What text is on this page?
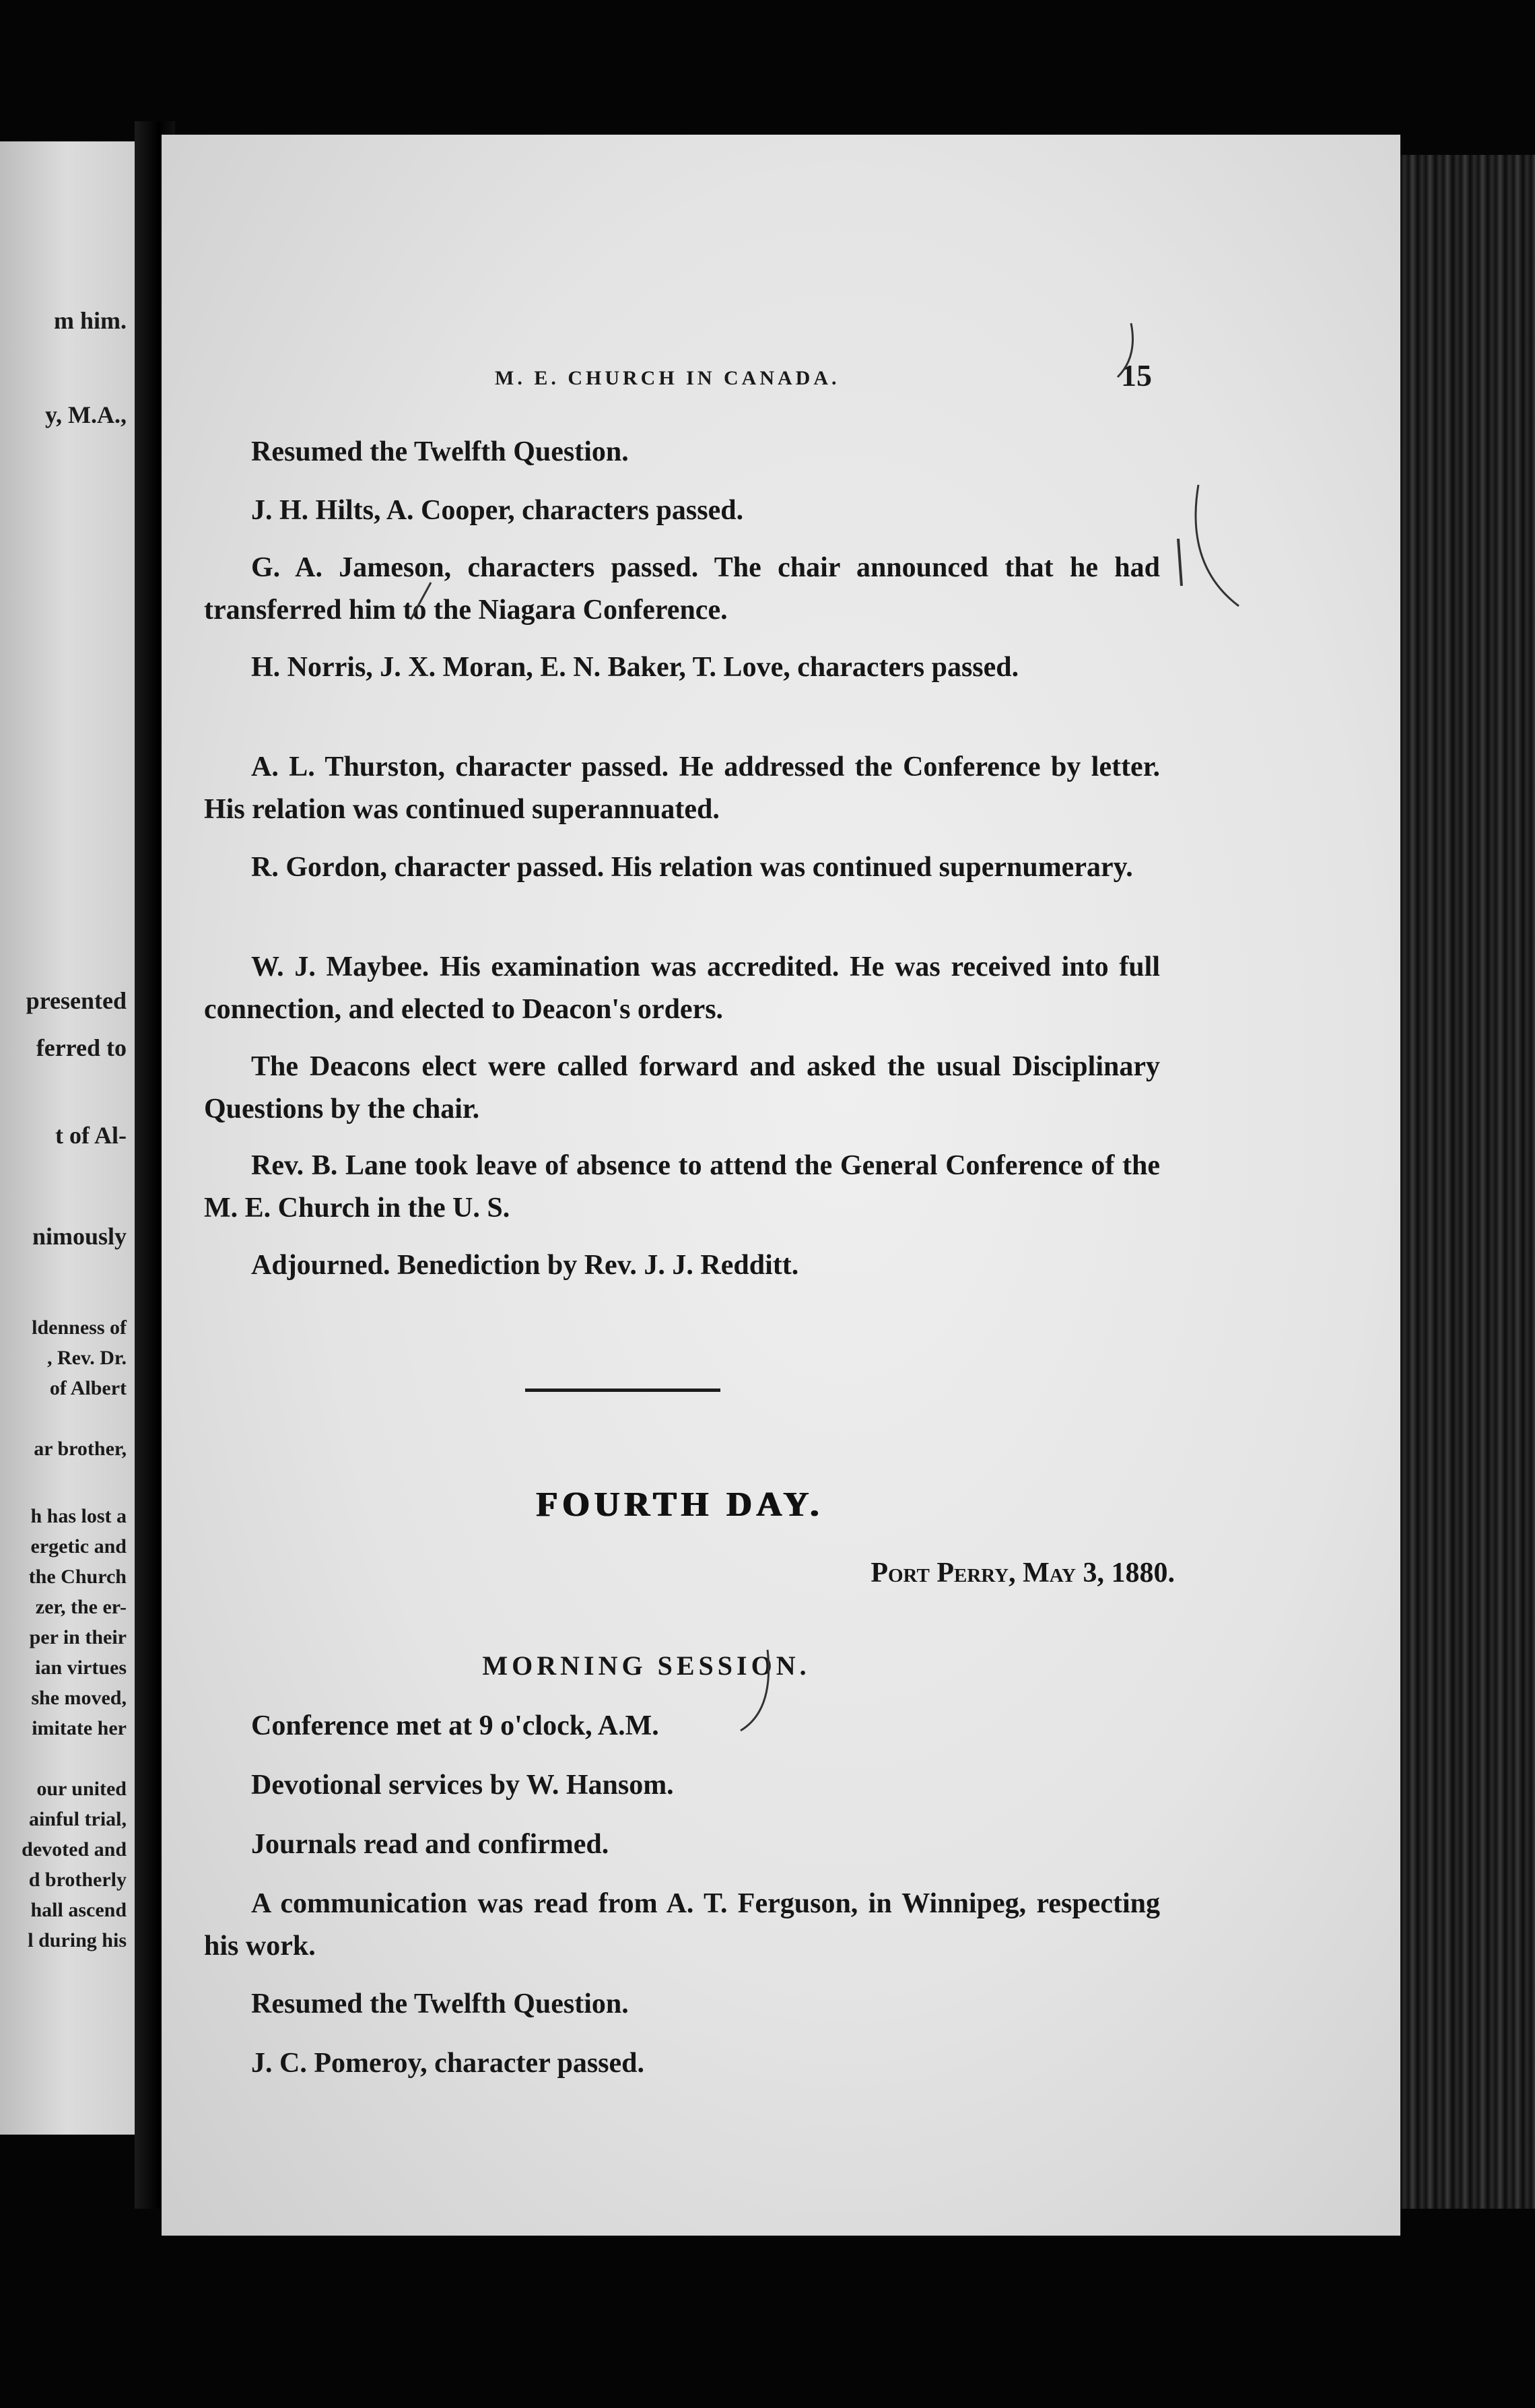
m him.
y, M.A.,
presented
ferred to
t of Al-
nimously
ldenness of
, Rev. Dr.
of Albert
ar brother,
h has lost a
ergetic and
the Church
zer, the er-
per in their
ian virtues
she moved,
imitate her
our united
ainful trial,
devoted and
d brotherly
hall ascend
l during his
M. E. CHURCH IN CANADA.	15

Resumed the Twelfth Question.

J. H. Hilts, A. Cooper, characters passed.

G. A. Jameson, characters passed. The chair announced that he had transferred him to the Niagara Conference.

H. Norris, J. X. Moran, E. N. Baker, T. Love, characters passed.

A. L. Thurston, character passed. He addressed the Conference by letter. His relation was continued superannuated.

R. Gordon, character passed. His relation was continued supernumerary.

W. J. Maybee. His examination was accredited. He was received into full connection, and elected to Deacon's orders.

The Deacons elect were called forward and asked the usual Disciplinary Questions by the chair.

Rev. B. Lane took leave of absence to attend the General Conference of the M. E. Church in the U. S.

Adjourned. Benediction by Rev. J. J. Redditt.

FOURTH DAY.
Port Perry, May 3, 1880.
MORNING SESSION.

Conference met at 9 o'clock, A.M.

Devotional services by W. Hansom.

Journals read and confirmed.

A communication was read from A. T. Ferguson, in Winnipeg, respecting his work.

Resumed the Twelfth Question.

J. C. Pomeroy, character passed.
